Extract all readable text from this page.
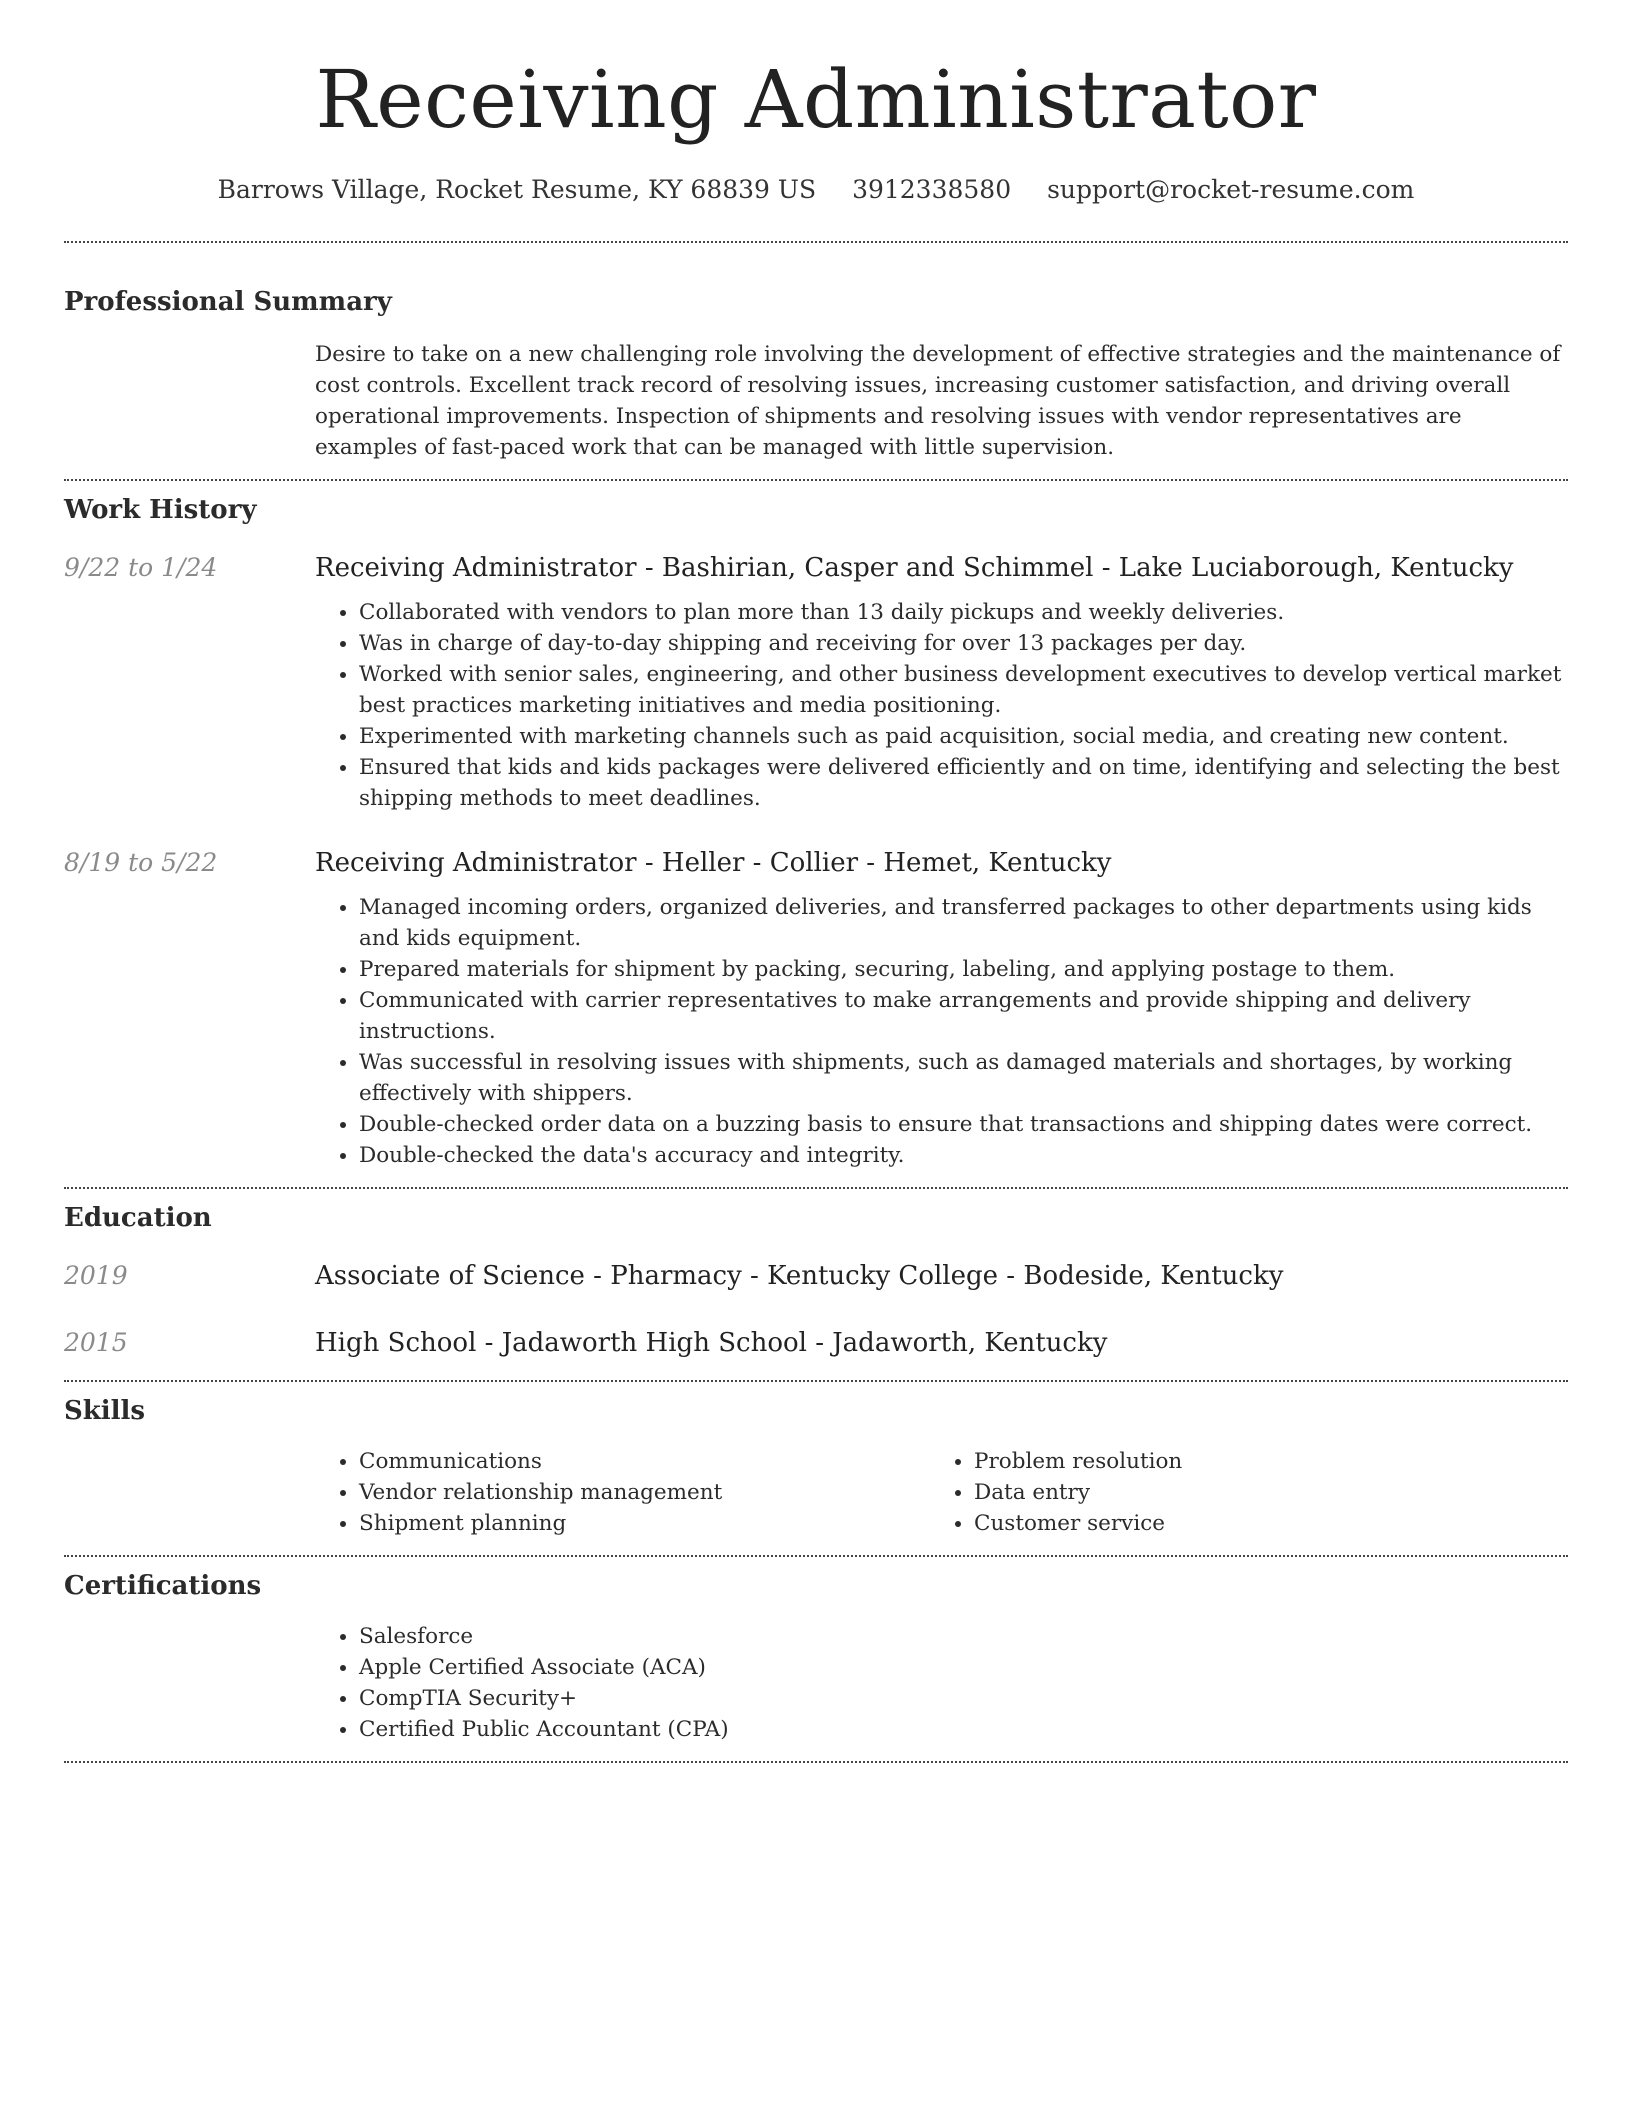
Receiving Administrator
Barrows Village, Rocket Resume, KY 68839 US 3912338580 support@rocket-resume.com
Professional Summary

Desire to take on a new challenging role involving the development of effective strategies and the maintenance of cost controls. Excellent track record of resolving issues, increasing customer satisfaction, and driving overall operational improvements. Inspection of shipments and resolving issues with vendor representatives are examples of fast-paced work that can be managed with little supervision.

Work History
9/22 to 1/24	Receiving Administrator - Bashirian, Casper and Schimmel - Lake Luciaborough, Kentucky
• Collaborated with vendors to plan more than 13 daily pickups and weekly deliveries.
• Was in charge of day-to-day shipping and receiving for over 13 packages per day.
• Worked with senior sales, engineering, and other business development executives to develop vertical market best practices marketing initiatives and media positioning.
• Experimented with marketing channels such as paid acquisition, social media, and creating new content.
• Ensured that kids and kids packages were delivered efficiently and on time, identifying and selecting the best shipping methods to meet deadlines.
8/19 to 5/22	Receiving Administrator - Heller - Collier - Hemet, Kentucky
• Managed incoming orders, organized deliveries, and transferred packages to other departments using kids and kids equipment.
• Prepared materials for shipment by packing, securing, labeling, and applying postage to them.
• Communicated with carrier representatives to make arrangements and provide shipping and delivery instructions.
• Was successful in resolving issues with shipments, such as damaged materials and shortages, by working effectively with shippers.
• Double-checked order data on a buzzing basis to ensure that transactions and shipping dates were correct.
• Double-checked the data's accuracy and integrity.
Education
2019	Associate of Science - Pharmacy - Kentucky College - Bodeside, Kentucky
2015	High School - Jadaworth High School - Jadaworth, Kentucky
Skills
• Communications
• Vendor relationship management
• Shipment planning
• Problem resolution
• Data entry
• Customer service
Certifications
• Salesforce
• Apple Certified Associate (ACA)
• CompTIA Security+
• Certified Public Accountant (CPA)
